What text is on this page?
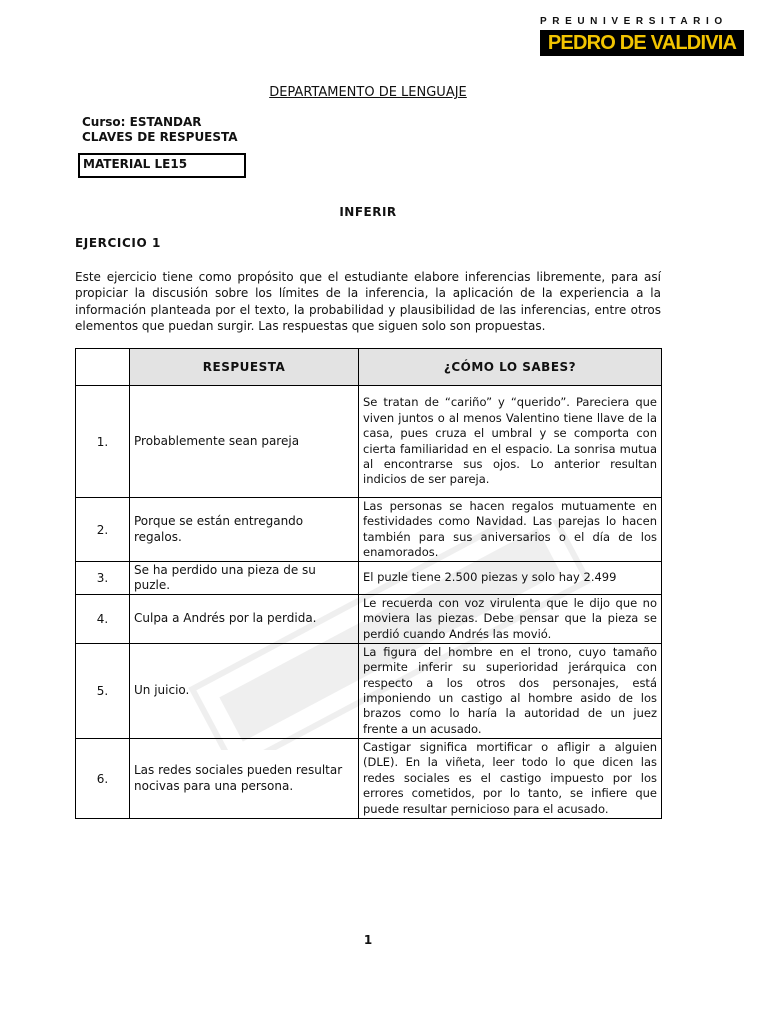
PREUNIVERSITARIO
PEDRO DE VALDIVIA
DEPARTAMENTO DE LENGUAJE
Curso: ESTANDAR
CLAVES DE RESPUESTA
MATERIAL LE15
INFERIR
EJERCICIO 1

Este ejercicio tiene como propósito que el estudiante elabore inferencias libremente, para así propiciar la discusión sobre los límites de la inferencia, la aplicación de la experiencia a la información planteada por el texto, la probabilidad y plausibilidad de las inferencias, entre otros elementos que puedan surgir. Las respuestas que siguen solo son propuestas.

	RESPUESTA	¿CÓMO LO SABES?
1.	Probablemente sean pareja	Se tratan de “cariño” y “querido”. Pareciera que viven juntos o al menos Valentino tiene llave de la casa, pues cruza el umbral y se comporta con cierta familiaridad en el espacio. La sonrisa mutua al encontrarse sus ojos. Lo anterior resultan indicios de ser pareja.
2.	Porque se están entregando regalos.	Las personas se hacen regalos mutuamente en festividades como Navidad. Las parejas lo hacen también para sus aniversarios o el día de los enamorados.
3.	Se ha perdido una pieza de su puzle.	El puzle tiene 2.500 piezas y solo hay 2.499
4.	Culpa a Andrés por la perdida.	Le recuerda con voz virulenta que le dijo que no moviera las piezas. Debe pensar que la pieza se perdió cuando Andrés las movió.
5.	Un juicio.	La figura del hombre en el trono, cuyo tamaño permite inferir su superioridad jerárquica con respecto a los otros dos personajes, está imponiendo un castigo al hombre asido de los brazos como lo haría la autoridad de un juez frente a un acusado.
6.	Las redes sociales pueden resultar nocivas para una persona.	Castigar significa mortificar o afligir a alguien (DLE). En la viñeta, leer todo lo que dicen las redes sociales es el castigo impuesto por los errores cometidos, por lo tanto, se infiere que puede resultar pernicioso para el acusado.
1
